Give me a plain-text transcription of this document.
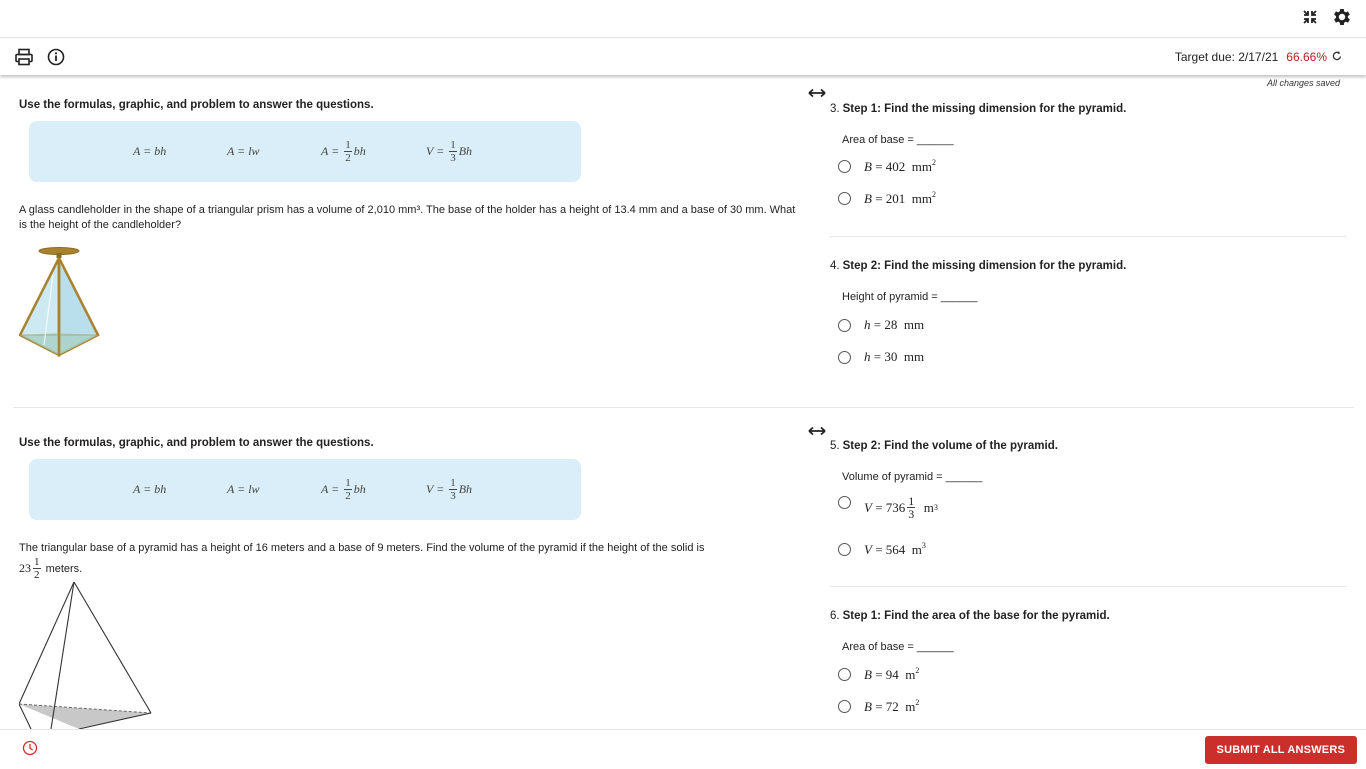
Target due: 2/17/21 66.66%
All changes saved
Use the formulas, graphic, and problem to answer the questions.
A = bh	A = lw	$A = \frac{1}{2}$ bh	$V = \frac{1}{3}$ Bh
A glass candleholder in the shape of a triangular prism has a volume of 2,010 mm³. The base of the holder has a height of 13.4 mm and a base of 30 mm. What is the height of the candleholder?
3. Step 1: Find the missing dimension for the pyramid.
Area of base = ______
B = 402 $mm^2$
B = 201 $mm^2$
4. Step 2: Find the missing dimension for the pyramid.
Height of pyramid = ______
h = 28 mm
h = 30 mm
Use the formulas, graphic, and problem to answer the questions.
A = bh	A = lw	$A = \frac{1}{2}$ bh	$V = \frac{1}{3}$ Bh
The triangular base of a pyramid has a height of 16 meters and a base of 9 meters. Find the volume of the pyramid if the height of the solid is

$23 \frac{1}{2}$ meters.
5. Step 2: Find the volume of the pyramid.
Volume of pyramid = ______
$V = 736 \frac{1}{3}$
m 3
V = 564 $m^3$
6. Step 1: Find the area of the base for the pyramid.
Area of base = ______
B = 94 $m^2$
B = 72 $m^2$
SUBMIT ALL ANSWERS
